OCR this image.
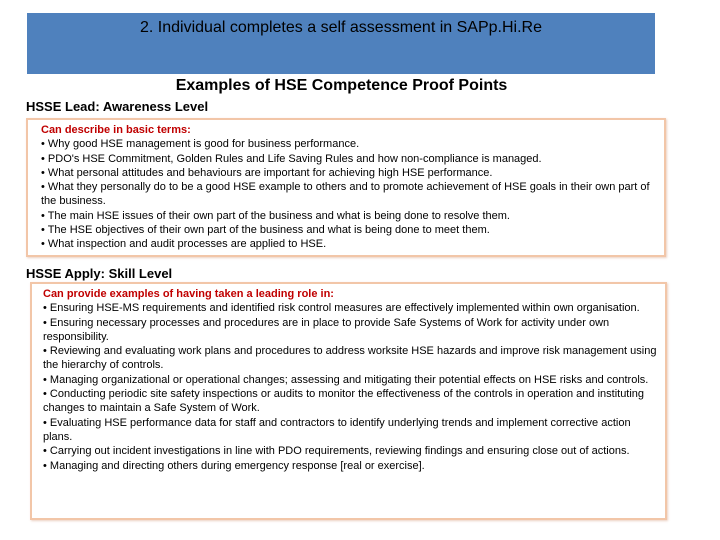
2. Individual completes a self assessment in SAPp.Hi.Re
Examples of HSE Competence Proof Points
HSSE Lead: Awareness Level
Can describe in basic terms:
• Why good HSE management is good for business performance.
• PDO's HSE Commitment, Golden Rules and Life Saving Rules and how non-compliance is managed.
• What personal attitudes and behaviours are important for achieving high HSE performance.
• What they personally do to be a good HSE example to others and to promote achievement of HSE goals in their own part of the business.
• The main HSE issues of their own part of the business and what is being done to resolve them.
• The HSE objectives of their own part of the business and what is being done to meet them.
• What inspection and audit processes are applied to HSE.
HSSE Apply: Skill Level
Can provide examples of having taken a leading role in:
• Ensuring HSE-MS requirements and identified risk control measures are effectively implemented within own organisation.
• Ensuring necessary processes and procedures are in place to provide Safe Systems of Work for activity under own responsibility.
• Reviewing and evaluating work plans and procedures to address worksite HSE hazards and improve risk management using the hierarchy of controls.
• Managing organizational or operational changes; assessing and mitigating their potential effects on HSE risks and controls.
• Conducting periodic site safety inspections or audits to monitor the effectiveness of the controls in operation and instituting changes to maintain a Safe System of Work.
• Evaluating HSE performance data for staff and contractors to identify underlying trends and implement corrective action plans.
• Carrying out incident investigations in line with PDO requirements, reviewing findings and ensuring close out of actions.
• Managing and directing others during emergency response [real or exercise].
